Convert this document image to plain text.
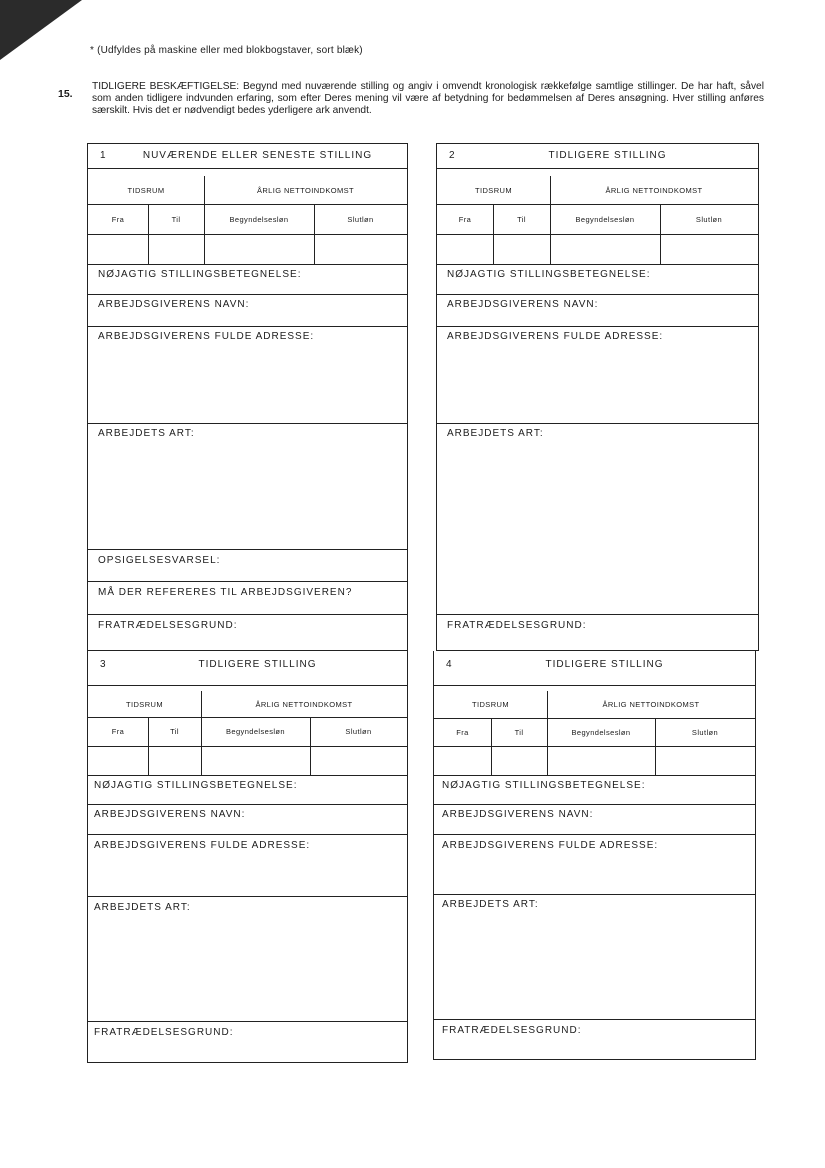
* (Udfyldes på maskine eller med blokbogstaver, sort blæk)
15.
TIDLIGERE BESKÆFTIGELSE: Begynd med nuværende stilling og angiv i omvendt kronologisk rækkefølge samtlige stillinger. De har haft, såvel som anden tidligere indvunden erfaring, som efter Deres mening vil være af betydning for bedømmelsen af Deres ansøgning. Hver stilling anføres særskilt. Hvis det er nødvendigt bedes yderligere ark anvendt.
1	NUVÆRENDE ELLER SENESTE STILLING
TIDSRUM	ÅRLIG NETTOINDKOMST
Fra	Til	Begyndelsesløn	Slutløn
NØJAGTIG STILLINGSBETEGNELSE:
ARBEJDSGIVERENS NAVN:
ARBEJDSGIVERENS FULDE ADRESSE:
ARBEJDETS ART:
OPSIGELSESVARSEL:
MÅ DER REFERERES TIL ARBEJDSGIVEREN?
FRATRÆDELSESGRUND:
2	TIDLIGERE STILLING
TIDSRUM	ÅRLIG NETTOINDKOMST
Fra	Til	Begyndelsesløn	Slutløn
NØJAGTIG STILLINGSBETEGNELSE:
ARBEJDSGIVERENS NAVN:
ARBEJDSGIVERENS FULDE ADRESSE:
ARBEJDETS ART:
FRATRÆDELSESGRUND:
3	TIDLIGERE STILLING
TIDSRUM	ÅRLIG NETTOINDKOMST
Fra	Til	Begyndelsesløn	Slutløn
NØJAGTIG STILLINGSBETEGNELSE:
ARBEJDSGIVERENS NAVN:
ARBEJDSGIVERENS FULDE ADRESSE:
ARBEJDETS ART:
FRATRÆDELSESGRUND:
4	TIDLIGERE STILLING
TIDSRUM	ÅRLIG NETTOINDKOMST
Fra	Til	Begyndelsesløn	Slutløn
NØJAGTIG STILLINGSBETEGNELSE:
ARBEJDSGIVERENS NAVN:
ARBEJDSGIVERENS FULDE ADRESSE:
ARBEJDETS ART:
FRATRÆDELSESGRUND:
